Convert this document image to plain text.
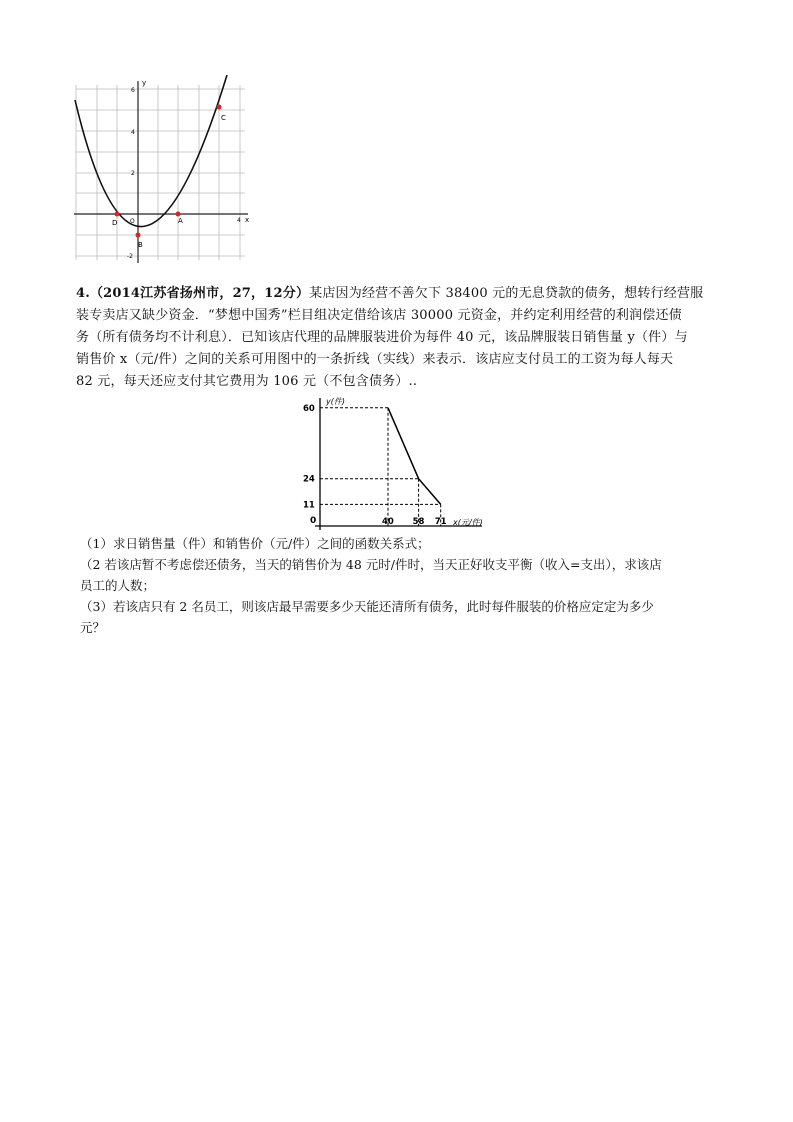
y
x
6
4
2
-2
4
C
D
B
A
O
4.（2014江苏省扬州市，27，12分）某店因为经营不善欠下 38400 元的无息贷款的债务，想转行经营服
装专卖店又缺少资金．“梦想中国秀”栏目组决定借给该店 30000 元资金，并约定利用经营的利润偿还债
务（所有债务均不计利息）．已知该店代理的品牌服装进价为每件 40 元，该品牌服装日销售量 y（件）与
销售价 x（元/件）之间的关系可用图中的一条折线（实线）来表示．该店应支付员工的工资为每人每天
82 元，每天还应支付其它费用为 106 元（不包含债务）..
40
60
58
24
71
11
y(件)
x(元/件)
0
（1）求日销售量（件）和销售价（元/件）之间的函数关系式；
（2 若该店暂不考虑偿还债务，当天的销售价为 48 元时/件时，当天正好收支平衡（收入=支出），求该店
员工的人数；
（3）若该店只有 2 名员工，则该店最早需要多少天能还清所有债务，此时每件服装的价格应定定为多少
元？
